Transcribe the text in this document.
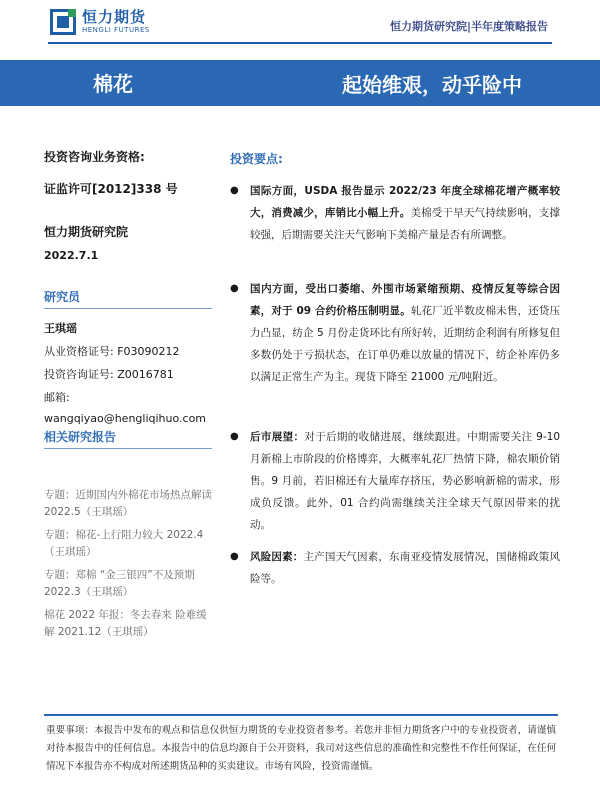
恒力期货
HENGLI FUTURES	恒力期货研究院|半年度策略报告
棉花	起始维艰，动乎险中
投资咨询业务资格:
证监许可[2012]338 号
恒力期货研究院
2022.7.1
研究员
王琪瑶
从业资格证号: F03090212
投资咨询证号: Z0016781
邮箱:
wangqiyao@hengliqihuo.com
相关研究报告
专题：近期国内外棉花市场热点解读 2022.5（王琪瑶）
专题：棉花-上行阻力较大 2022.4（王琪瑶）
专题：郑棉 “金三银四”不及预期 2022.3（王琪瑶）
棉花 2022 年报：冬去春来 险难缓解 2021.12（王琪瑶）
投资要点:
● 国际方面，USDA 报告显示 2022/23 年度全球棉花增产概率较大，消费减少，库销比小幅上升。美棉受干旱天气持续影响，支撑较强，后期需要关注天气影响下美棉产量是否有所调整。
● 国内方面，受出口萎缩、外围市场紧缩预期、疫情反复等综合因素，对于 09 合约价格压制明显。轧花厂近半数皮棉未售，还贷压力凸显，纺企 5 月份走货环比有所好转，近期纺企利润有所修复但多数仍处于亏损状态，在订单仍难以放量的情况下，纺企补库仍多以满足正常生产为主。现货下降至 21000 元/吨附近。
● 后市展望：对于后期的收储进展，继续跟进。中期需要关注 9-10 月新棉上市阶段的价格博弈，大概率轧花厂热情下降，棉农顺价销售。9 月前，若旧棉还有大量库存挤压，势必影响新棉的需求，形成负反馈。此外，01 合约尚需继续关注全球天气原因带来的扰动。
● 风险因素：主产国天气因素，东南亚疫情发展情况，国储棉政策风险等。
重要事项：本报告中发布的观点和信息仅供恒力期货的专业投资者参考。若您并非恒力期货客户中的专业投资者，请谨慎对待本报告中的任何信息。本报告中的信息均源自于公开资料，我司对这些信息的准确性和完整性不作任何保证，在任何情况下本报告亦不构成对所述期货品种的买卖建议。市场有风险，投资需谨慎。
